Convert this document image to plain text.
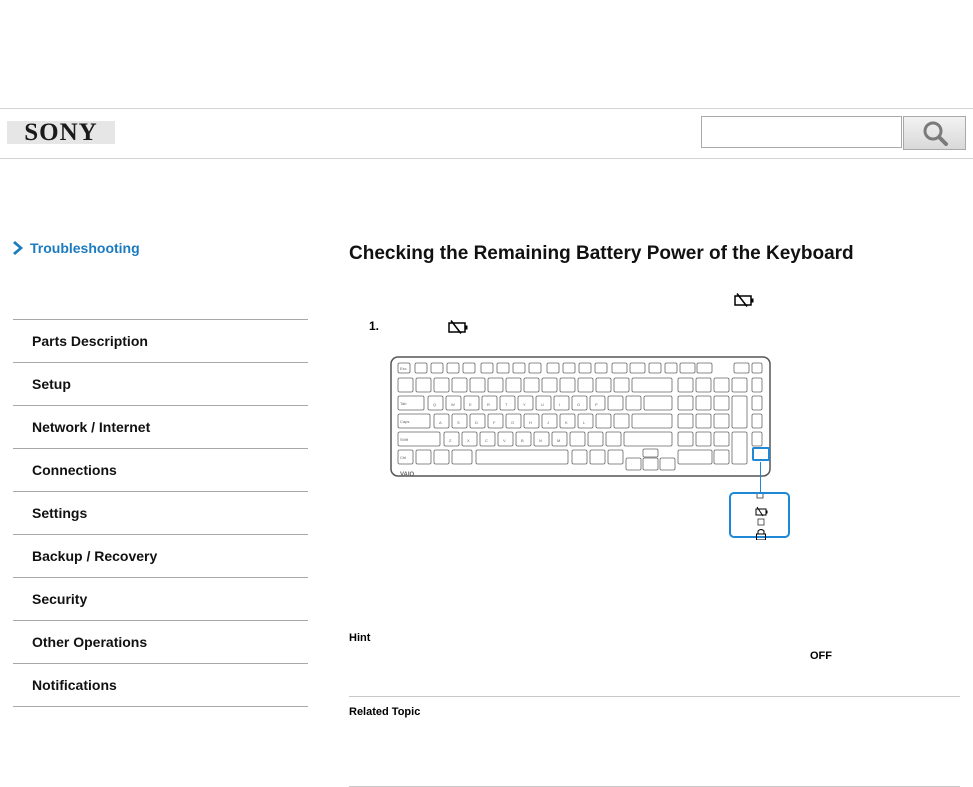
SONY
Troubleshooting
Parts Description
Setup
Network / Internet
Connections
Settings
Backup / Recovery
Security
Other Operations
Notifications
Checking the Remaining Battery Power of the Keyboard
1.
Esc
Tab
Caps
Shift
Ctrl
Q	W	E	R	T	Y	U	I	O	P
A	S	D	F	G	H	J	K	L
Z	X	C	V	B	N	M
VAIO
Hint
OFF
Related Topic
